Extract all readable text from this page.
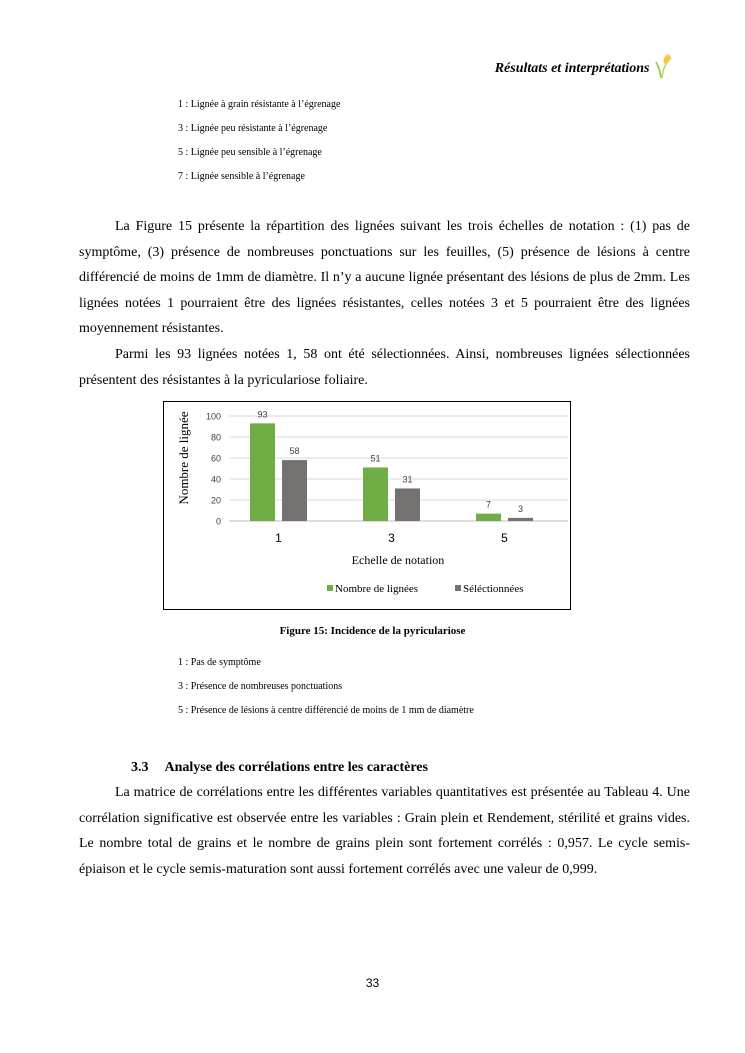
Résultats et interprétations
1 : Lignée à grain résistante à l’égrenage
3 : Lignée peu résistante à l’égrenage
5 : Lignée peu sensible à l’égrenage
7 : Lignée sensible à l’égrenage

La Figure 15 présente la répartition des lignées suivant les trois échelles de notation : (1) pas de symptôme, (3) présence de nombreuses ponctuations sur les feuilles, (5) présence de lésions à centre différencié de moins de 1mm de diamètre. Il n’y a aucune lignée présentant des lésions de plus de 2mm. Les lignées notées 1 pourraient être des lignées résistantes, celles notées 3 et 5 pourraient être des lignées moyennement résistantes.

Parmi les 93 lignées notées 1, 58 ont été sélectionnées. Ainsi, nombreuses lignées sélectionnées présentent des résistantes à la pyriculariose foliaire.

0
20
40
60
80
100
1	3	5
93
58
51
31
7	3
Nombre de lignée
Echelle de notation
Nombre de lignées	Séléctionnées
Figure 15: Incidence de la pyriculariose
1 : Pas de symptôme
3 : Présence de nombreuses ponctuations
5 : Présence de lésions à centre différencié de moins de 1 mm de diamètre
3.3 Analyse des corrélations entre les caractères

La matrice de corrélations entre les différentes variables quantitatives est présentée au Tableau 4. Une corrélation significative est observée entre les variables : Grain plein et Rendement, stérilité et grains vides. Le nombre total de grains et le nombre de grains plein sont fortement corrélés : 0,957. Le cycle semis-épiaison et le cycle semis-maturation sont aussi fortement corrélés avec une valeur de 0,999.

33
